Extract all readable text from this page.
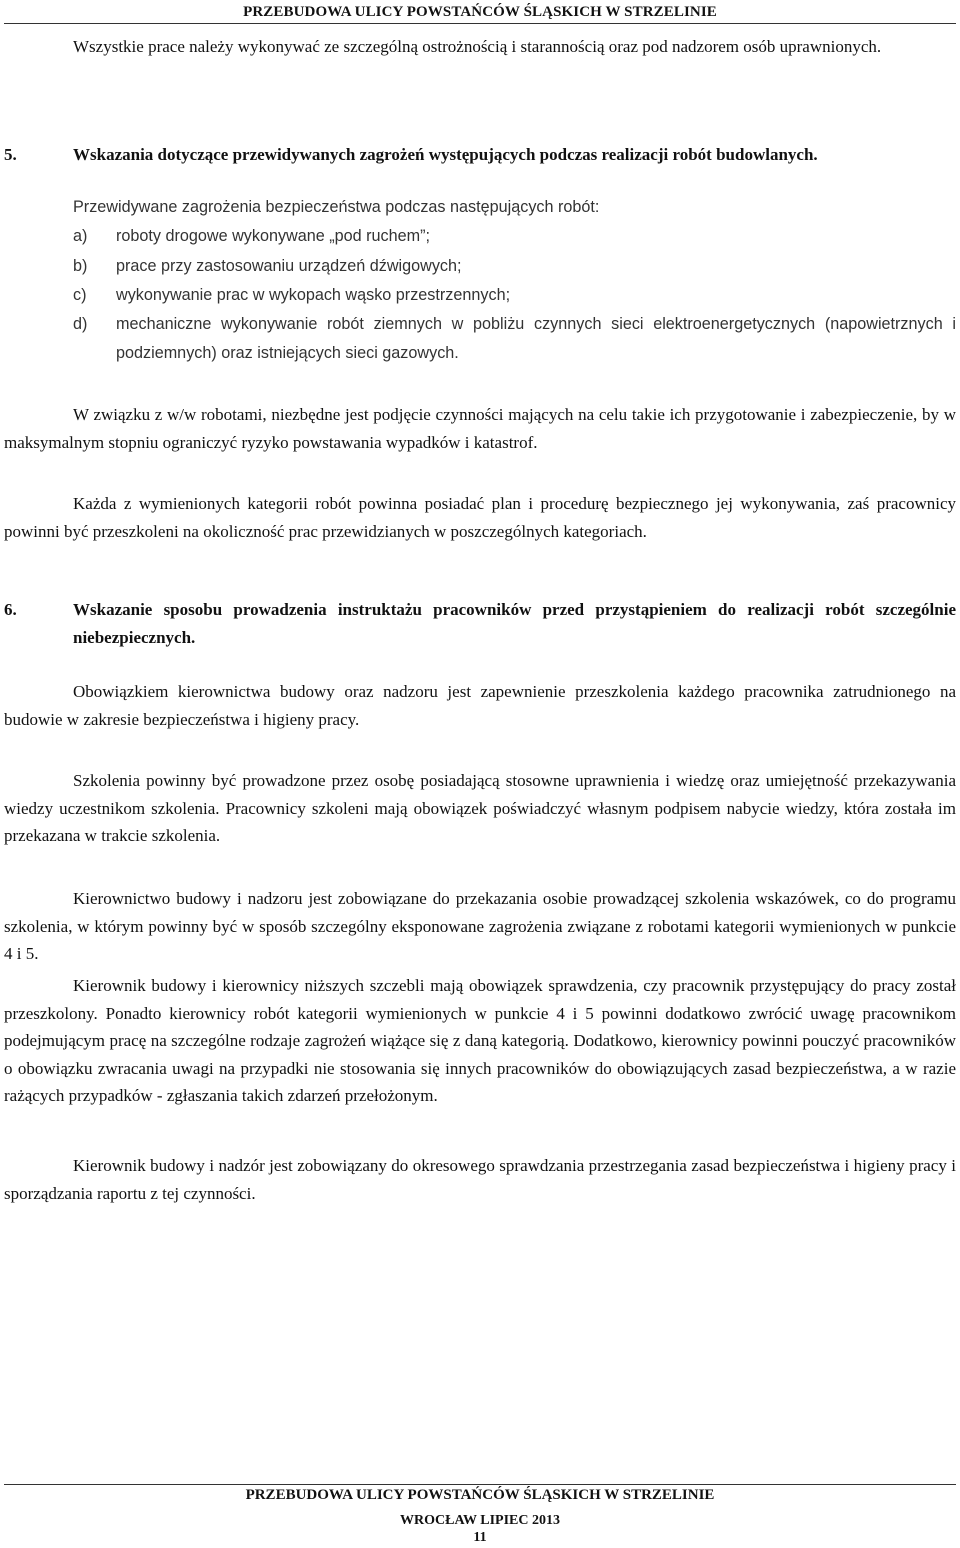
PRZEBUDOWA ULICY POWSTAŃCÓW ŚLĄSKICH W STRZELINIE
Wszystkie prace należy wykonywać ze szczególną ostrożnością i starannością oraz pod nadzorem osób uprawnionych.
5.	Wskazania dotyczące przewidywanych zagrożeń występujących podczas realizacji robót budowlanych.
Przewidywane zagrożenia bezpieczeństwa podczas następujących robót:
a) roboty drogowe wykonywane „pod ruchem”;
b) prace przy zastosowaniu urządzeń dźwigowych;
c) wykonywanie prac w wykopach wąsko przestrzennych;
d) mechaniczne wykonywanie robót ziemnych w pobliżu czynnych sieci elektroenergetycznych (napowietrznych i podziemnych) oraz istniejących sieci gazowych.
W związku z w/w robotami, niezbędne jest podjęcie czynności mających na celu takie ich przygotowanie i zabezpieczenie, by w maksymalnym stopniu ograniczyć ryzyko powstawania wypadków i katastrof.
Każda z wymienionych kategorii robót powinna posiadać plan i procedurę bezpiecznego jej wykonywania, zaś pracownicy powinni być przeszkoleni na okoliczność prac przewidzianych w poszczególnych kategoriach.
6.	Wskazanie sposobu prowadzenia instruktażu pracowników przed przystąpieniem do realizacji robót szczególnie niebezpiecznych.
Obowiązkiem kierownictwa budowy oraz nadzoru jest zapewnienie przeszkolenia każdego pracownika zatrudnionego na budowie w zakresie bezpieczeństwa i higieny pracy.
Szkolenia powinny być prowadzone przez osobę posiadającą stosowne uprawnienia i wiedzę oraz umiejętność przekazywania wiedzy uczestnikom szkolenia. Pracownicy szkoleni mają obowiązek poświadczyć własnym podpisem nabycie wiedzy, która została im przekazana w trakcie szkolenia.
Kierownictwo budowy i nadzoru jest zobowiązane do przekazania osobie prowadzącej szkolenia wskazówek, co do programu szkolenia, w którym powinny być w sposób szczególny eksponowane zagrożenia związane z robotami kategorii wymienionych w punkcie 4 i 5.
Kierownik budowy i kierownicy niższych szczebli mają obowiązek sprawdzenia, czy pracownik przystępujący do pracy został przeszkolony. Ponadto kierownicy robót kategorii wymienionych w punkcie 4 i 5 powinni dodatkowo zwrócić uwagę pracownikom podejmującym pracę na szczególne rodzaje zagrożeń wiążące się z daną kategorią. Dodatkowo, kierownicy powinni pouczyć pracowników o obowiązku zwracania uwagi na przypadki nie stosowania się innych pracowników do obowiązujących zasad bezpieczeństwa, a w razie rażących przypadków - zgłaszania takich zdarzeń przełożonym.
Kierownik budowy i nadzór jest zobowiązany do okresowego sprawdzania przestrzegania zasad bezpieczeństwa i higieny pracy i sporządzania raportu z tej czynności.
PRZEBUDOWA ULICY POWSTAŃCÓW ŚLĄSKICH W STRZELINIE
WROCŁAW LIPIEC 2013
11
